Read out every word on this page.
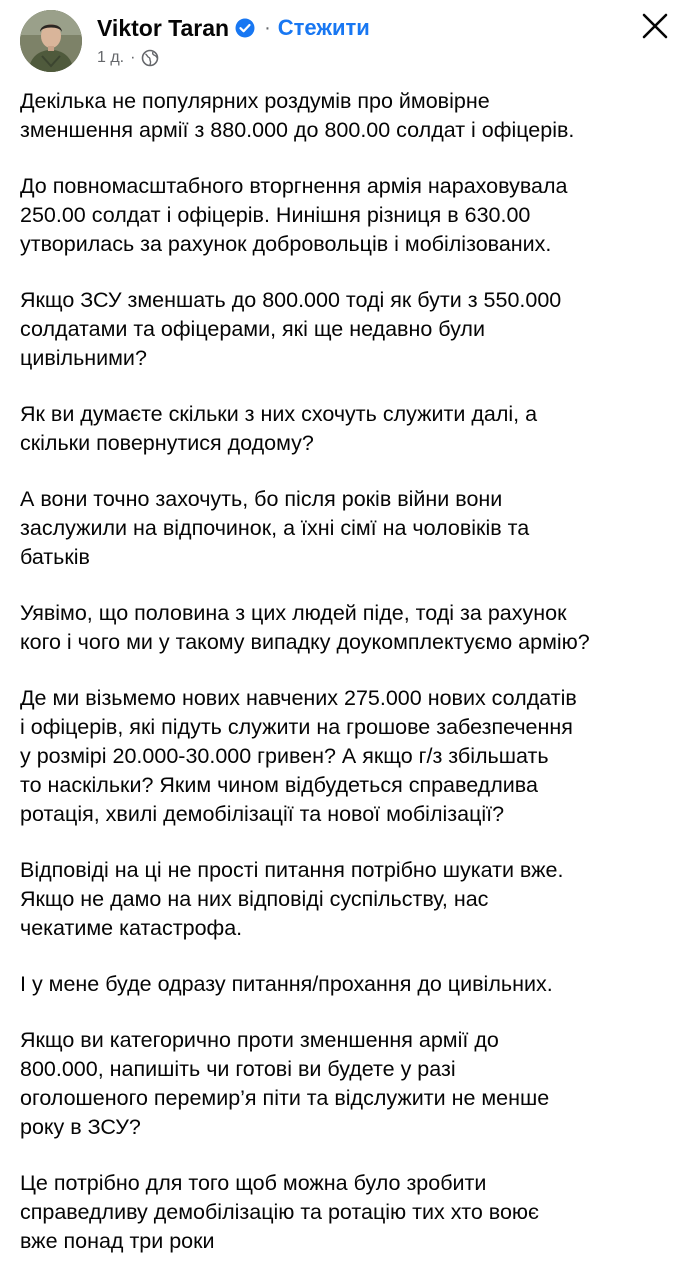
Viktor Taran · Стежити
1 д. ·

Декілька не популярних роздумів про ймовірне
зменшення армії з 880.000 до 800.00 солдат і офіцерів.

До повномасштабного вторгнення армія нараховувала
250.00 солдат і офіцерів. Нинішня різниця в 630.00
утворилась за рахунок добровольців і мобілізованих.

Якщо ЗСУ зменшать до 800.000 тоді як бути з 550.000
солдатами та офіцерами, які ще недавно були
цивільними?

Як ви думаєте скільки з них схочуть служити далі, а
скільки повернутися додому?

А вони точно захочуть, бо після років війни вони
заслужили на відпочинок, а їхні сімї на чоловіків та
батьків

Уявімо, що половина з цих людей піде, тоді за рахунок
кого і чого ми у такому випадку доукомплектуємо армію?

Де ми візьмемо нових навчених 275.000 нових солдатів
і офіцерів, які підуть служити на грошове забезпечення
у розмірі 20.000-30.000 гривен? А якщо г/з збільшать
то наскільки? Яким чином відбудеться справедлива
ротація, хвилі демобілізації та нової мобілізації?

Відповіді на ці не прості питання потрібно шукати вже.
Якщо не дамо на них відповіді суспільству, нас
чекатиме катастрофа.

І у мене буде одразу питання/прохання до цивільних.

Якщо ви категорично проти зменшення армії до
800.000, напишіть чи готові ви будете у разі
оголошеного перемир’я піти та відслужити не менше
року в ЗСУ?

Це потрібно для того щоб можна було зробити
справедливу демобілізацію та ротацію тих хто воює
вже понад три роки
